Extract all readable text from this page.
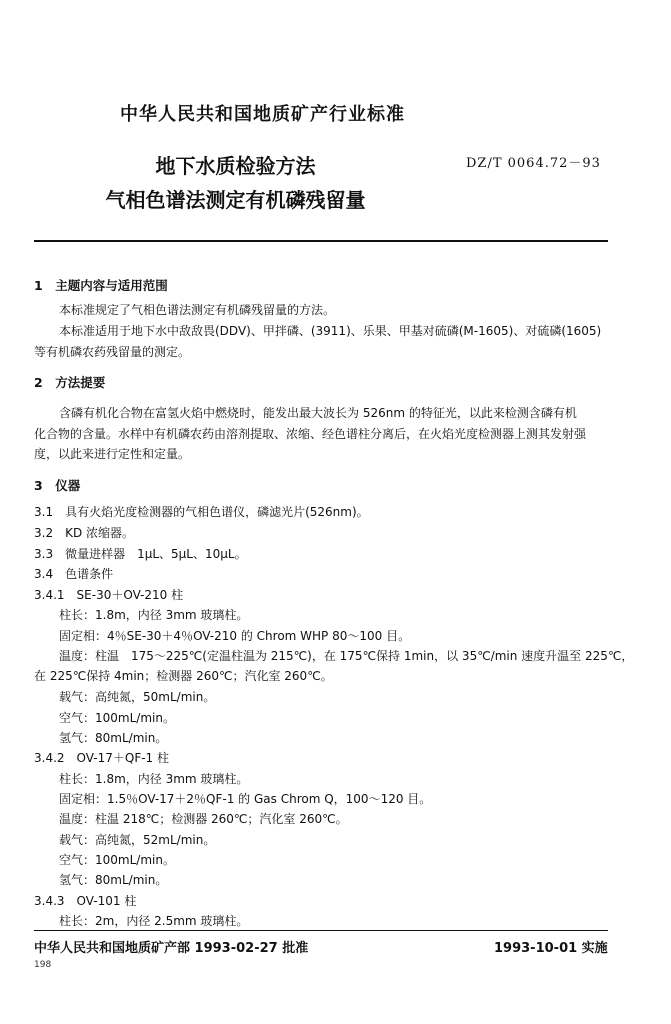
中华人民共和国地质矿产行业标准
地下水质检验方法
气相色谱法测定有机磷残留量
DZ/T 0064.72－93
1　主题内容与适用范围
本标准规定了气相色谱法测定有机磷残留量的方法。
本标准适用于地下水中敌敌畏(DDV)、甲拌磷、(3911)、乐果、甲基对硫磷(M-1605)、对硫磷(1605)
等有机磷农药残留量的测定。
2　方法提要
含磷有机化合物在富氢火焰中燃烧时，能发出最大波长为 526nm 的特征光，以此来检测含磷有机
化合物的含量。水样中有机磷农药由溶剂提取、浓缩、经色谱柱分离后，在火焰光度检测器上测其发射强
度，以此来进行定性和定量。
3　仪器
3.1　具有火焰光度检测器的气相色谱仪，磷滤光片(526nm)。
3.2　KD 浓缩器。
3.3　微量进样器　1μL、5μL、10μL。
3.4　色谱条件
3.4.1　SE-30＋OV-210 柱
柱长：1.8m，内径 3mm 玻璃柱。
固定相：4％SE-30＋4％OV-210 的 Chrom WHP 80～100 目。
温度：柱温　175～225℃(定温柱温为 215℃)，在 175℃保持 1min，以 35℃/min 速度升温至 225℃，
在 225℃保持 4min；检测器 260℃；汽化室 260℃。
载气：高纯氮，50mL/min。
空气：100mL/min。
氢气：80mL/min。
3.4.2　OV-17＋QF-1 柱
柱长：1.8m，内径 3mm 玻璃柱。
固定相：1.5％OV-17＋2％QF-1 的 Gas Chrom Q，100～120 目。
温度：柱温 218℃；检测器 260℃；汽化室 260℃。
载气：高纯氮，52mL/min。
空气：100mL/min。
氢气：80mL/min。
3.4.3　OV-101 柱
柱长：2m，内径 2.5mm 玻璃柱。
中华人民共和国地质矿产部 1993-02-27 批准	1993-10-01 实施
198
